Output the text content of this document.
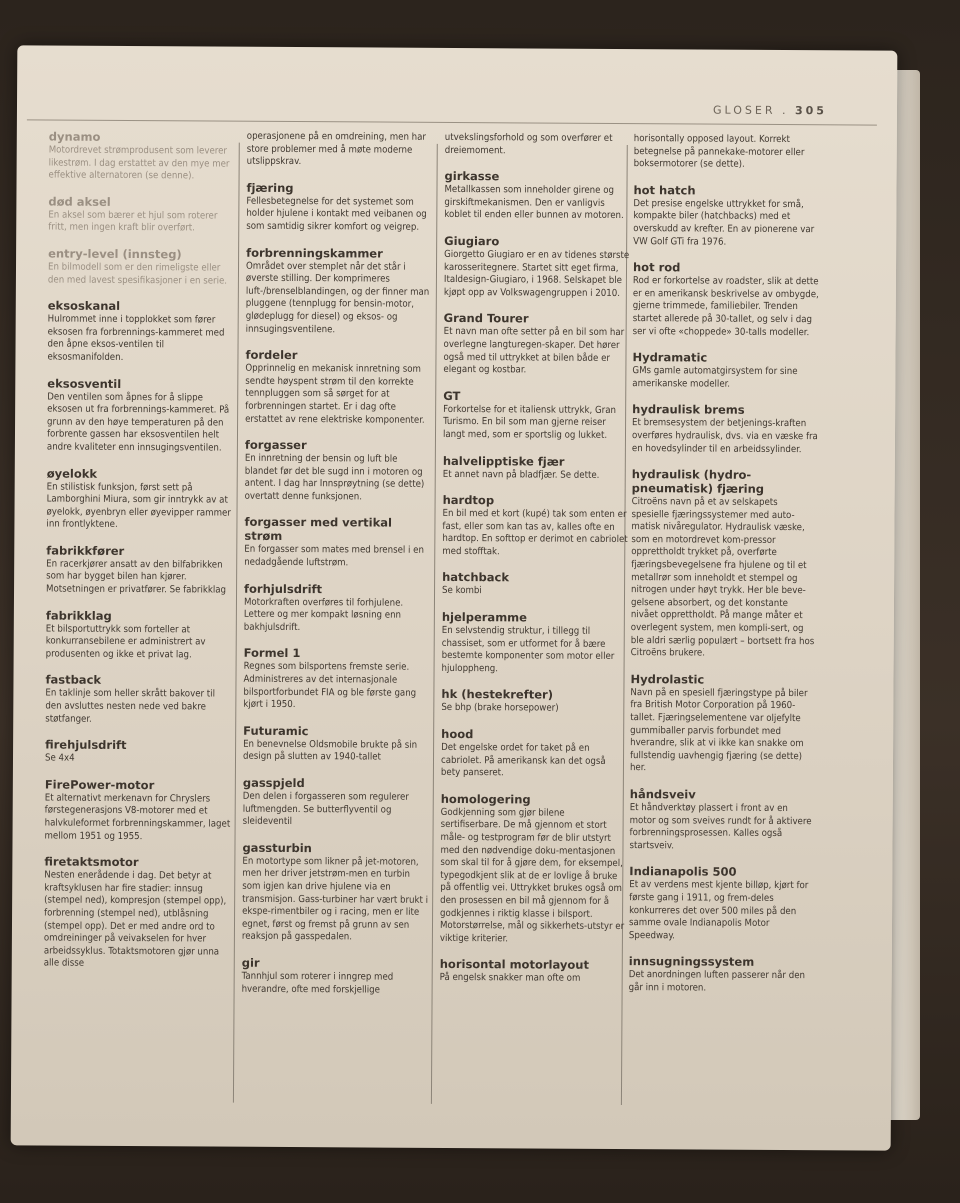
GLOSER . 305
dynamo

Motordrevet strømprodusent som leverer likestrøm. I dag erstattet av den mye mer effektive alternatoren (se denne).

død aksel

En aksel som bærer et hjul som roterer fritt, men ingen kraft blir overført.

entry-level (innsteg)

En bilmodell som er den rimeligste eller den med lavest spesifikasjoner i en serie.

eksoskanal

Hulrommet inne i topplokket som fører eksosen fra forbrennings-kammeret med den åpne eksos-ventilen til eksosmanifolden.

eksosventil

Den ventilen som åpnes for å slippe eksosen ut fra forbrennings-kammeret. På grunn av den høye temperaturen på den forbrente gassen har eksosventilen helt andre kvaliteter enn innsugingsventilen.

øyelokk

En stilistisk funksjon, først sett på Lamborghini Miura, som gir inntrykk av at øyelokk, øyenbryn eller øyevipper rammer inn frontlyktene.

fabrikkfører

En racerkjører ansatt av den bilfabrikken som har bygget bilen han kjører. Motsetningen er privatfører. Se fabrikklag

fabrikklag

Et bilsportuttrykk som forteller at konkurransebilene er administrert av produsenten og ikke et privat lag.

fastback

En taklinje som heller skrått bakover til den avsluttes nesten nede ved bakre støtfanger.

firehjulsdrift

Se 4x4

FirePower-motor

Et alternativt merkenavn for Chryslers førstegenerasjons V8-motorer med et halvkuleformet forbrenningskammer, laget mellom 1951 og 1955.

firetaktsmotor

Nesten enerådende i dag. Det betyr at kraftsyklusen har fire stadier: innsug (stempel ned), kompresjon (stempel opp), forbrenning (stempel ned), utblåsning (stempel opp). Det er med andre ord to omdreininger på veivakselen for hver arbeidssyklus. Totaktsmotoren gjør unna alle disse

operasjonene på en omdreining, men har store problemer med å møte moderne utslippskrav.

fjæring

Fellesbetegnelse for det systemet som holder hjulene i kontakt med veibanen og som samtidig sikrer komfort og veigrep.

forbrenningskammer

Området over stemplet når det står i øverste stilling. Der komprimeres luft-/brenselblandingen, og der finner man pluggene (tennplugg for bensin-motor, glødeplugg for diesel) og eksos- og innsugingsventilene.

fordeler

Opprinnelig en mekanisk innretning som sendte høyspent strøm til den korrekte tennpluggen som så sørget for at forbrenningen startet. Er i dag ofte erstattet av rene elektriske komponenter.

forgasser

En innretning der bensin og luft ble blandet før det ble sugd inn i motoren og antent. I dag har Innsprøytning (se dette) overtatt denne funksjonen.

forgasser med vertikal strøm

En forgasser som mates med brensel i en nedadgående luftstrøm.

forhjulsdrift

Motorkraften overføres til forhjulene. Lettere og mer kompakt løsning enn bakhjulsdrift.

Formel 1

Regnes som bilsportens fremste serie. Administreres av det internasjonale bilsportforbundet FIA og ble første gang kjørt i 1950.

Futuramic

En benevnelse Oldsmobile brukte på sin design på slutten av 1940-tallet

gasspjeld

Den delen i forgasseren som regulerer luftmengden. Se butterflyventil og sleideventil

gassturbin

En motortype som likner på jet-motoren, men her driver jetstrøm-men en turbin som igjen kan drive hjulene via en transmisjon. Gass-turbiner har vært brukt i ekspe-rimentbiler og i racing, men er lite egnet, først og fremst på grunn av sen reaksjon på gasspedalen.

gir

Tannhjul som roterer i inngrep med hverandre, ofte med forskjellige

utvekslingsforhold og som overfører et dreiemoment.

girkasse

Metallkassen som inneholder girene og girskiftmekanismen. Den er vanligvis koblet til enden eller bunnen av motoren.

Giugiaro

Giorgetto Giugiaro er en av tidenes største karosseritegnere. Startet sitt eget firma, Italdesign-Giugiaro, i 1968. Selskapet ble kjøpt opp av Volkswagengruppen i 2010.

Grand Tourer

Et navn man ofte setter på en bil som har overlegne langturegen-skaper. Det hører også med til uttrykket at bilen både er elegant og kostbar.

GT

Forkortelse for et italiensk uttrykk, Gran Turismo. En bil som man gjerne reiser langt med, som er sportslig og lukket.

halvelipptiske fjær

Et annet navn på bladfjær. Se dette.

hardtop

En bil med et kort (kupé) tak som enten er fast, eller som kan tas av, kalles ofte en hardtop. En softtop er derimot en cabriolet med stofftak.

hatchback

Se kombi

hjelperamme

En selvstendig struktur, i tillegg til chassiset, som er utformet for å bære bestemte komponenter som motor eller hjuloppheng.

hk (hestekrefter)

Se bhp (brake horsepower)

hood

Det engelske ordet for taket på en cabriolet. På amerikansk kan det også bety panseret.

homologering

Godkjenning som gjør bilene sertifiserbare. De må gjennom et stort måle- og testprogram før de blir utstyrt med den nødvendige doku-mentasjonen som skal til for å gjøre dem, for eksempel, typegodkjent slik at de er lovlige å bruke på offentlig vei. Uttrykket brukes også om den prosessen en bil må gjennom for å godkjennes i riktig klasse i bilsport. Motorstørrelse, mål og sikkerhets-utstyr er viktige kriterier.

horisontal motorlayout

På engelsk snakker man ofte om

horisontally opposed layout. Korrekt betegnelse på pannekake-motorer eller boksermotorer (se dette).

hot hatch

Det presise engelske uttrykket for små, kompakte biler (hatchbacks) med et overskudd av krefter. En av pionerene var VW Golf GTi fra 1976.

hot rod

Rod er forkortelse av roadster, slik at dette er en amerikansk beskrivelse av ombygde, gjerne trimmede, familiebiler. Trenden startet allerede på 30-tallet, og selv i dag ser vi ofte «choppede» 30-talls modeller.

Hydramatic

GMs gamle automatgirsystem for sine amerikanske modeller.

hydraulisk brems

Et bremsesystem der betjenings-kraften overføres hydraulisk, dvs. via en væske fra en hovedsylinder til en arbeidssylinder.

hydraulisk (hydro-pneumatisk) fjæring

Citroëns navn på et av selskapets spesielle fjæringssystemer med auto-matisk nivåregulator. Hydraulisk væske, som en motordrevet kom-pressor opprettholdt trykket på, overførte fjæringsbevegelsene fra hjulene og til et metallrør som inneholdt et stempel og nitrogen under høyt trykk. Her ble beve-gelsene absorbert, og det konstante nivået opprettholdt. På mange måter et overlegent system, men kompli-sert, og ble aldri særlig populært – bortsett fra hos Citroëns brukere.

Hydrolastic

Navn på en spesiell fjæringstype på biler fra British Motor Corporation på 1960-tallet. Fjæringselementene var oljefylte gummiballer parvis forbundet med hverandre, slik at vi ikke kan snakke om fullstendig uavhengig fjæring (se dette) her.

håndsveiv

Et håndverktøy plassert i front av en motor og som sveives rundt for å aktivere forbrenningsprosessen. Kalles også startsveiv.

Indianapolis 500

Et av verdens mest kjente billøp, kjørt for første gang i 1911, og frem-deles konkurreres det over 500 miles på den samme ovale Indianapolis Motor Speedway.

innsugningssystem

Det anordningen luften passerer når den går inn i motoren.
